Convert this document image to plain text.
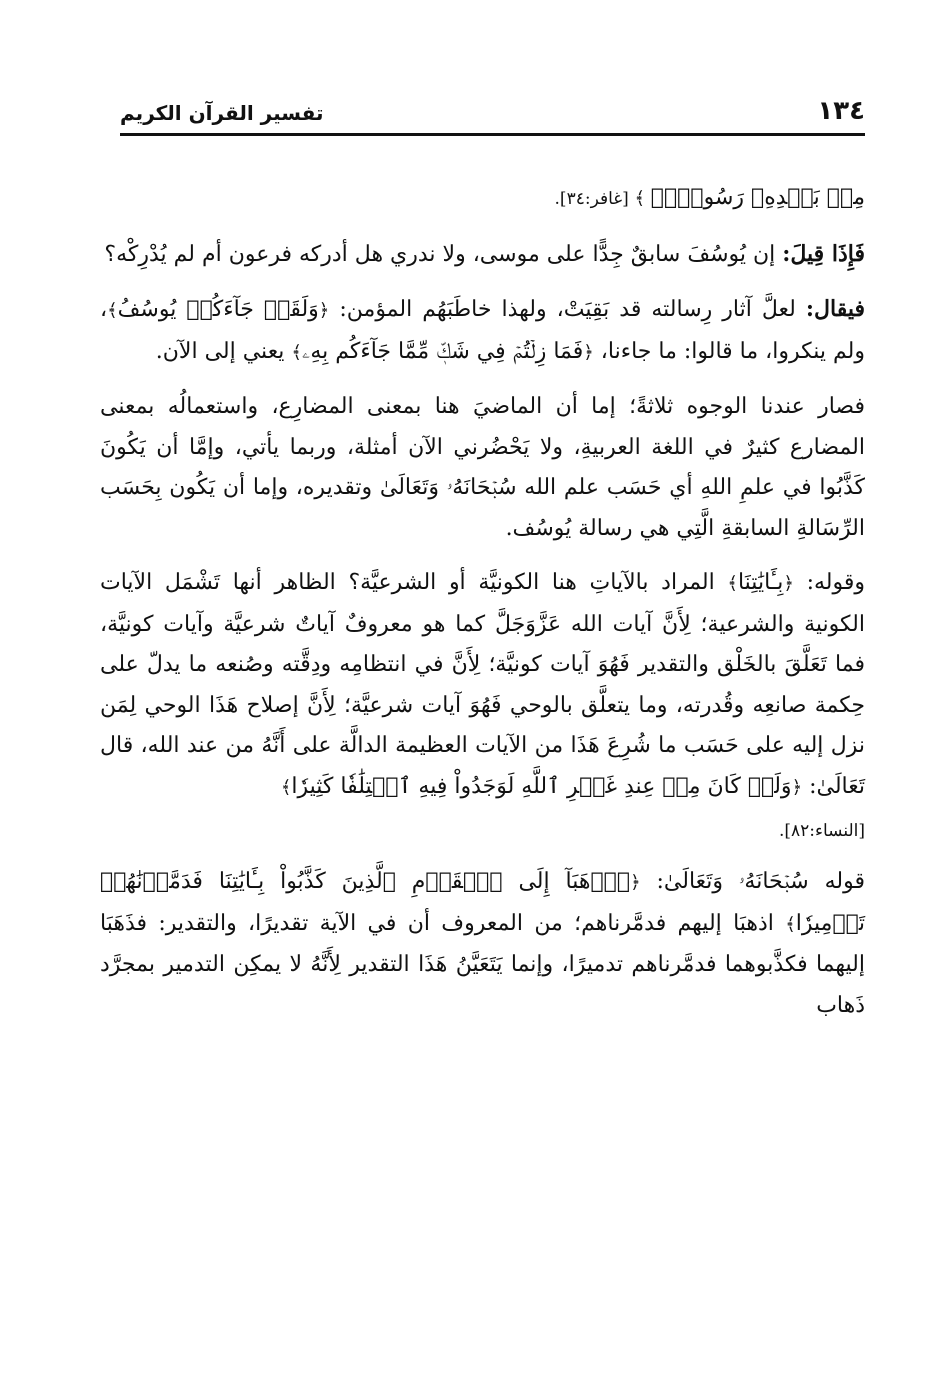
١٣٤
تفسير القرآن الكريم

مِنۢ بَعۡدِهِۦ رَسُولٗاۚ ﴾ [غافر:٣٤].

فَإِذَا قِيلَ: إن يُوسُفَ سابقٌ جِدًّا على موسى، ولا ندري هل أدركه فرعون أم لم يُدْرِكْه؟

فيقال: لعلَّ آثار رِسالته قد بَقِيَتْ، ولهذا خاطَبَهُم المؤمن: ﴿وَلَقَدۡ جَآءَكُمۡ يُوسُفُ﴾، ولم ينكروا، ما قالوا: ما جاءنا، ﴿فَمَا زِلۡتُمۡ فِي شَكّٖ مِّمَّا جَآءَكُم بِهِۦ﴾ يعني إلى الآن.

فصار عندنا الوجوه ثلاثةً؛ إما أن الماضيَ هنا بمعنى المضارِع، واستعمالُه بمعنى المضارع كثيرٌ في اللغة العربيةِ، ولا يَحْضُرني الآن أمثلة، وربما يأتي، وإمَّا أن يَكُونَ كَذَّبُوا في علمِ اللهِ أي حَسَب علم الله سُبۡحَانَهُۥ وَتَعَالَىٰ وتقديره، وإما أن يَكُون بِحَسَب الرِّسَالةِ السابقةِ الَّتِي هي رسالة يُوسُف.

وقوله: ﴿بِـَٔايَٰتِنَا﴾ المراد بالآياتِ هنا الكونيَّة أو الشرعيَّة؟ الظاهر أنها تَشْمَل الآيات الكونية والشرعية؛ لِأَنَّ آيات الله عَزَّوَجَلَّ كما هو معروفٌ آياتٌ شرعيَّة وآيات كونيَّة، فما تَعَلَّقَ بالخَلْق والتقدير فَهُوَ آيات كونيَّة؛ لِأَنَّ في انتظامِه ودِقَّته وصُنعه ما يدلّ على حِكمة صانعِه وقُدرته، وما يتعلَّق بالوحي فَهُوَ آيات شرعيَّة؛ لِأَنَّ إصلاح هَذَا الوحي لِمَن نزل إليه على حَسَب ما شُرِعَ هَذَا من الآيات العظيمة الدالَّة على أَنَّهُ من عند الله، قال تَعَالَىٰ: ﴿وَلَوۡ كَانَ مِنۡ عِندِ غَيۡرِ ٱللَّهِ لَوَجَدُواْ فِيهِ ٱخۡتِلَٰفٗا كَثِيرٗا﴾

[النساء:٨٢].

قوله سُبۡحَانَهُۥ وَتَعَالَىٰ: ﴿ٱذۡهَبَآ إِلَى ٱلۡقَوۡمِ ٱلَّذِينَ كَذَّبُواْ بِـَٔايَٰتِنَا فَدَمَّرۡنَٰهُمۡ تَدۡمِيرٗا﴾ اذهبَا إليهم فدمَّرناهم؛ من المعروف أن في الآية تقديرًا، والتقدير: فذَهَبَا إليهما فكذَّبوهما فدمَّرناهم تدميرًا، وإنما يَتَعَيَّنُ هَذَا التقدير لِأَنَّهُ لا يمكِن التدمير بمجرَّد ذَهاب
